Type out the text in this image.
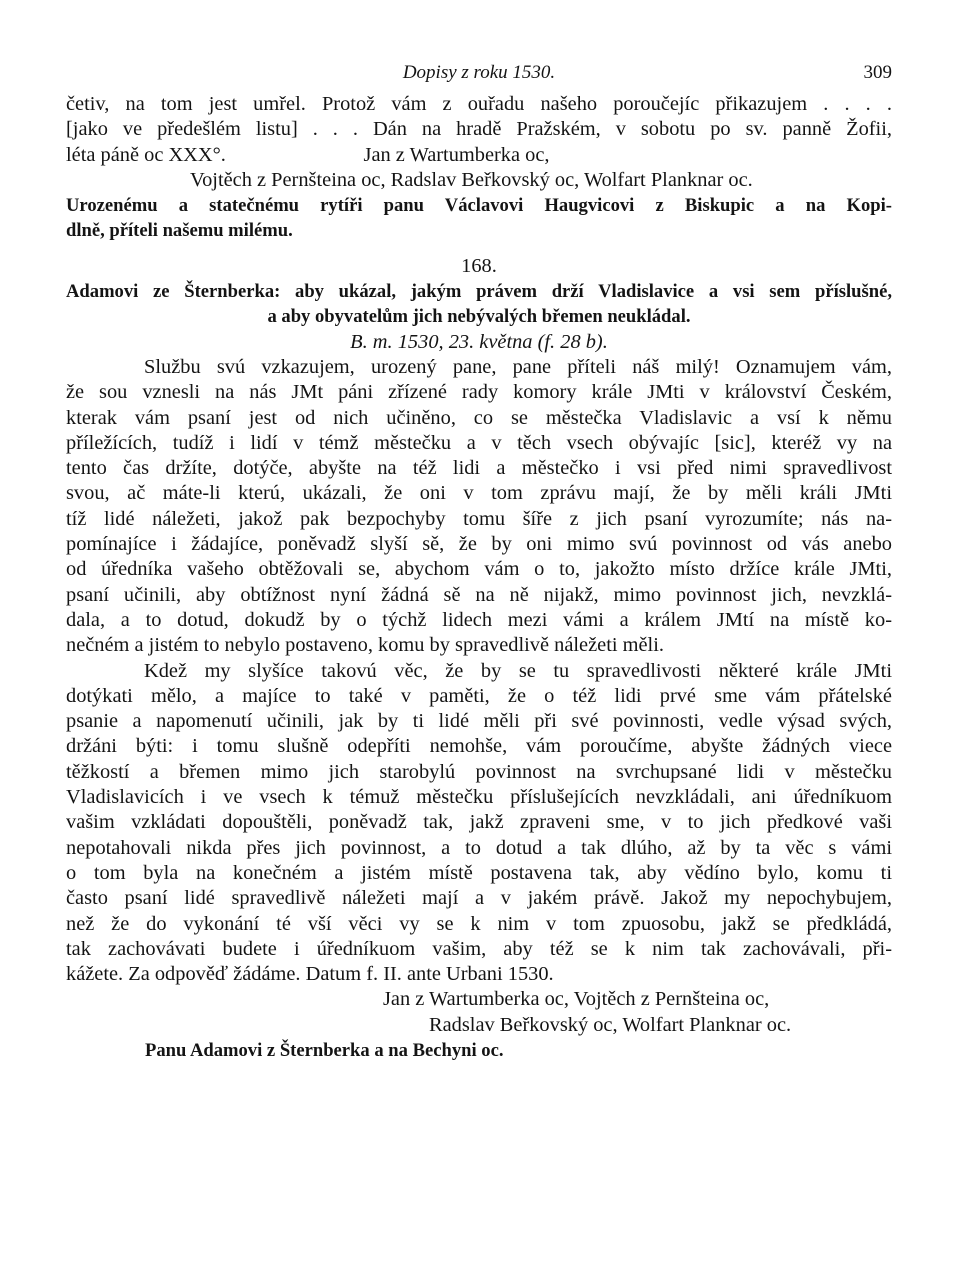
Dopisy z roku 1530.	309
četiv, na tom jest umřel. Protož vám z ouřadu našeho poroučejíc přikazujem . . . .
[jako ve předešlém listu] . . . Dán na hradě Pražském, v sobotu po sv. panně Žofii,
léta páně oc XXX°.                           Jan z Wartumberka oc,
Vojtěch z Pernšteina oc, Radslav Beřkovský oc, Wolfart Planknar oc.
Urozenému a statečnému rytíři panu Václavovi Haugvicovi z Biskupic a na Kopi-
dlně, příteli našemu milému.
168.
Adamovi ze Šternberka: aby ukázal, jakým právem drží Vladislavice a vsi sem příslušné,
a aby obyvatelům jich nebývalých břemen neukládal.
B. m. 1530, 23. května (f. 28 b).
Službu svú vzkazujem, urozený pane, pane příteli náš milý! Oznamujem vám,
že sou vznesli na nás JMt páni zřízené rady komory krále JMti v království Českém,
kterak vám psaní jest od nich učiněno, co se městečka Vladislavic a vsí k němu
příležících, tudíž i lidí v témž městečku a v těch vsech obývajíc [sic], kteréž vy na
tento čas držíte, dotýče, abyšte na též lidi a městečko i vsi před nimi spravedlivost
svou, ač máte-li kterú, ukázali, že oni v tom zprávu mají, že by měli králi JMti
tíž lidé náležeti, jakož pak bezpochyby tomu šíře z jich psaní vyrozumíte; nás na-
pomínajíce i žádajíce, poněvadž slyší sě, že by oni mimo svú povinnost od vás anebo
od úředníka vašeho obtěžovali se, abychom vám o to, jakožto místo držíce krále JMti,
psaní učinili, aby obtížnost nyní žádná sě na ně nijakž, mimo povinnost jich, nevzklá-
dala, a to dotud, dokudž by o týchž lidech mezi vámi a králem JMtí na místě ko-
nečném a jistém to nebylo postaveno, komu by spravedlivě náležeti měli.
Kdež my slyšíce takovú věc, že by se tu spravedlivosti některé krále JMti
dotýkati mělo, a majíce to také v paměti, že o též lidi prvé sme vám přátelské
psanie a napomenutí učinili, jak by ti lidé měli při své povinnosti, vedle výsad svých,
držáni býti: i tomu slušně odepříti nemohše, vám poroučíme, abyšte žádných viece
těžkostí a břemen mimo jich starobylú povinnost na svrchupsané lidi v městečku
Vladislavicích i ve vsech k témuž městečku příslušejících nevzkládali, ani úředníkuom
vašim vzkládati dopouštěli, poněvadž tak, jakž zpraveni sme, v to jich předkové vaši
nepotahovali nikda přes jich povinnost, a to dotud a tak dlúho, až by ta věc s vámi
o tom byla na konečném a jistém místě postavena tak, aby vědíno bylo, komu ti
často psaní lidé spravedlivě náležeti mají a v jakém právě. Jakož my nepochybujem,
než že do vykonání té vší věci vy se k nim v tom zpuosobu, jakž se předkládá,
tak zachovávati budete i úředníkuom vašim, aby též se k nim tak zachovávali, při-
kážete. Za odpověď žádáme. Datum f. II. ante Urbani 1530.
Jan z Wartumberka oc, Vojtěch z Pernšteina oc,
Radslav Beřkovský oc, Wolfart Planknar oc.
Panu Adamovi z Šternberka a na Bechyni oc.
